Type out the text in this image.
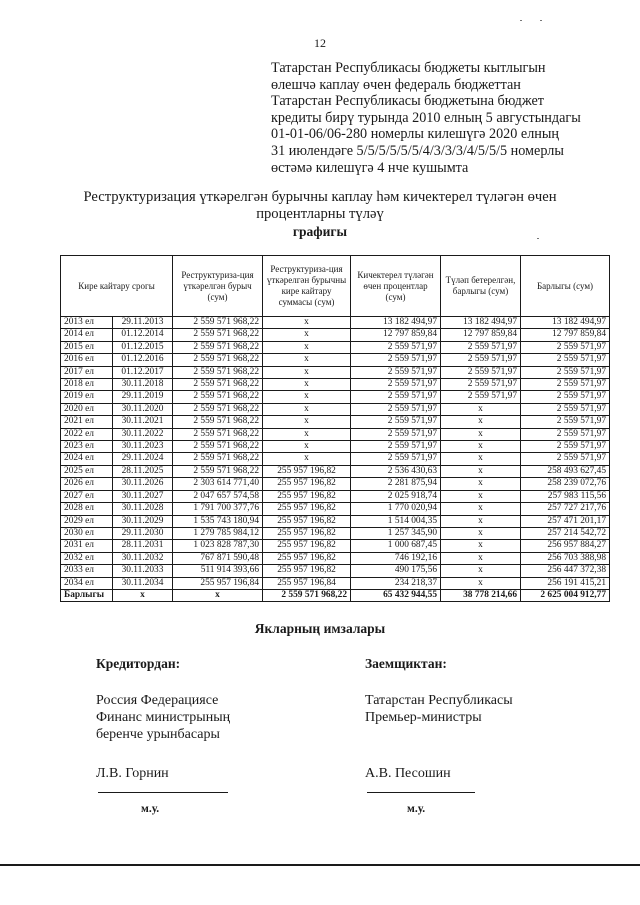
12
Татарстан Республикасы бюджеты кытлыгын
өлешчә каплау өчен федераль бюджеттан
Татарстан Республикасы бюджетына бюджет
кредиты бирү турында 2010 елның 5 августындагы
01-01-06/06-280 номерлы килешүгә 2020 елның
31 июлендәге 5/5/5/5/5/5/4/3/3/3/4/5/5/5 номерлы
өстәмә килешүгә 4 нче кушымта
Реструктуризация үткәрелгән бурычны каплау һәм кичектерел түләгән өчен
процентларны түләү
графигы
Кире кайтару срогы		Реструктуриза-ция үткәрелгән бурыч (сум)	Реструктуриза-ция үткәрелгән бурычны кире кайтару суммасы (сум)	Кичектерел түләгән өчен процентлар (сум)	Түләп бетерелгән, барлыгы (сум)	Барлыгы (сум)
2013 ел	29.11.2013	2 559 571 968,22	x	13 182 494,97	13 182 494,97	13 182 494,97
2014 ел	01.12.2014	2 559 571 968,22	x	12 797 859,84	12 797 859,84	12 797 859,84
2015 ел	01.12.2015	2 559 571 968,22	x	2 559 571,97	2 559 571,97	2 559 571,97
2016 ел	01.12.2016	2 559 571 968,22	x	2 559 571,97	2 559 571,97	2 559 571,97
2017 ел	01.12.2017	2 559 571 968,22	x	2 559 571,97	2 559 571,97	2 559 571,97
2018 ел	30.11.2018	2 559 571 968,22	x	2 559 571,97	2 559 571,97	2 559 571,97
2019 ел	29.11.2019	2 559 571 968,22	x	2 559 571,97	2 559 571,97	2 559 571,97
2020 ел	30.11.2020	2 559 571 968,22	x	2 559 571,97	x	2 559 571,97
2021 ел	30.11.2021	2 559 571 968,22	x	2 559 571,97	x	2 559 571,97
2022 ел	30.11.2022	2 559 571 968,22	x	2 559 571,97	x	2 559 571,97
2023 ел	30.11.2023	2 559 571 968,22	x	2 559 571,97	x	2 559 571,97
2024 ел	29.11.2024	2 559 571 968,22	x	2 559 571,97	x	2 559 571,97
2025 ел	28.11.2025	2 559 571 968,22	255 957 196,82	2 536 430,63	x	258 493 627,45
2026 ел	30.11.2026	2 303 614 771,40	255 957 196,82	2 281 875,94	x	258 239 072,76
2027 ел	30.11.2027	2 047 657 574,58	255 957 196,82	2 025 918,74	x	257 983 115,56
2028 ел	30.11.2028	1 791 700 377,76	255 957 196,82	1 770 020,94	x	257 727 217,76
2029 ел	30.11.2029	1 535 743 180,94	255 957 196,82	1 514 004,35	x	257 471 201,17
2030 ел	29.11.2030	1 279 785 984,12	255 957 196,82	1 257 345,90	x	257 214 542,72
2031 ел	28.11.2031	1 023 828 787,30	255 957 196,82	1 000 687,45	x	256 957 884,27
2032 ел	30.11.2032	767 871 590,48	255 957 196,82	746 192,16	x	256 703 388,98
2033 ел	30.11.2033	511 914 393,66	255 957 196,82	490 175,56	x	256 447 372,38
2034 ел	30.11.2034	255 957 196,84	255 957 196,84	234 218,37	x	256 191 415,21
Барлыгы	x	x	2 559 571 968,22	65 432 944,55	38 778 214,66	2 625 004 912,77
Якларның имзалары
Кредитордан:
Россия Федерациясе
Финанс министрының
беренче урынбасары
Л.В. Горнин
м.у.
Заемщиктан:
Татарстан Республикасы
Премьер-министры
А.В. Песошин
м.у.
